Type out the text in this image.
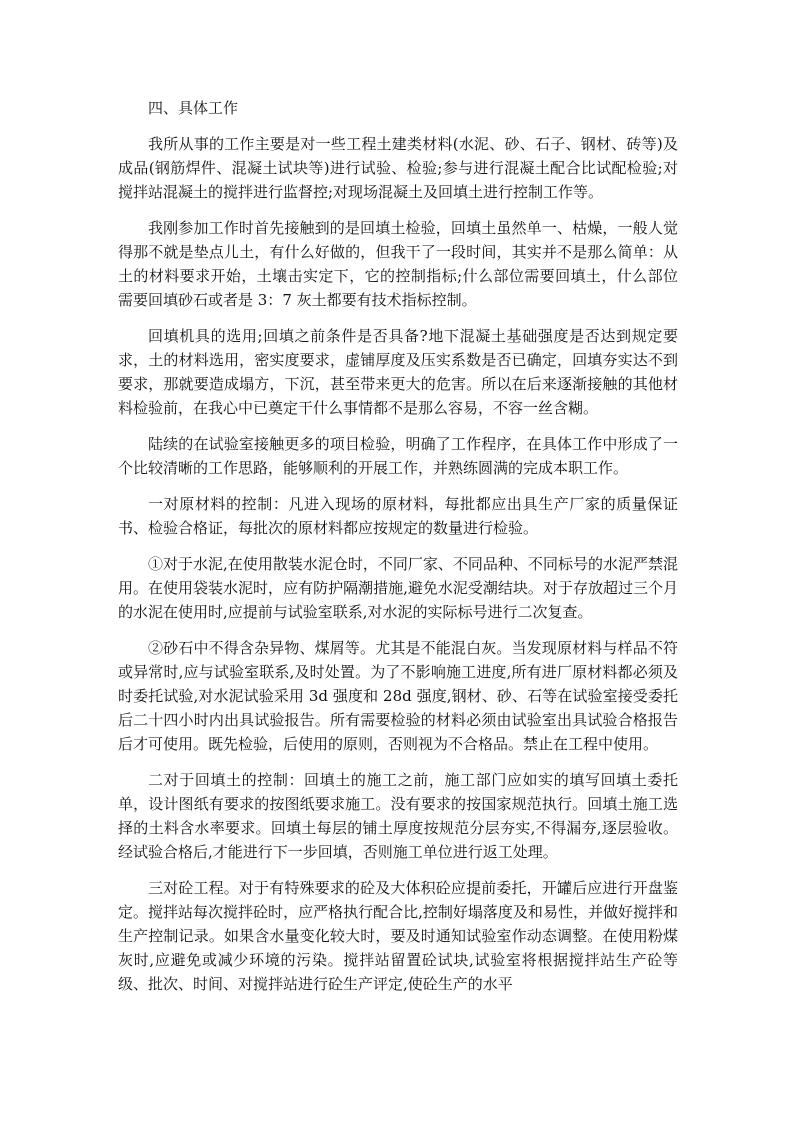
四、具体工作

我所从事的工作主要是对一些工程土建类材料(水泥、砂、石子、钢材、砖等)及成品(钢筋焊件、混凝土试块等)进行试验、检验;参与进行混凝土配合比试配检验;对搅拌站混凝土的搅拌进行监督控;对现场混凝土及回填土进行控制工作等。

我刚参加工作时首先接触到的是回填土检验，回填土虽然单一、枯燥，一般人觉得那不就是垫点儿土，有什么好做的，但我干了一段时间，其实并不是那么简单：从土的材料要求开始，土壤击实定下，它的控制指标;什么部位需要回填土，什么部位需要回填砂石或者是 3：7 灰土都要有技术指标控制。

回填机具的选用;回填之前条件是否具备?地下混凝土基础强度是否达到规定要求，土的材料选用，密实度要求，虚铺厚度及压实系数是否已确定，回填夯实达不到要求，那就要造成塌方，下沉，甚至带来更大的危害。所以在后来逐渐接触的其他材料检验前，在我心中已奠定干什么事情都不是那么容易，不容一丝含糊。

陆续的在试验室接触更多的项目检验，明确了工作程序，在具体工作中形成了一个比较清晰的工作思路，能够顺利的开展工作，并熟练圆满的完成本职工作。

一对原材料的控制：凡进入现场的原材料，每批都应出具生产厂家的质量保证书、检验合格证，每批次的原材料都应按规定的数量进行检验。

①对于水泥,在使用散装水泥仓时，不同厂家、不同品种、不同标号的水泥严禁混用。在使用袋装水泥时，应有防护隔潮措施,避免水泥受潮结块。对于存放超过三个月的水泥在使用时,应提前与试验室联系,对水泥的实际标号进行二次复查。

②砂石中不得含杂异物、煤屑等。尤其是不能混白灰。当发现原材料与样品不符或异常时,应与试验室联系,及时处置。为了不影响施工进度,所有进厂原材料都必须及时委托试验,对水泥试验采用 3d 强度和 28d 强度,钢材、砂、石等在试验室接受委托后二十四小时内出具试验报告。所有需要检验的材料必须由试验室出具试验合格报告后才可使用。既先检验，后使用的原则，否则视为不合格品。禁止在工程中使用。

二对于回填土的控制：回填土的施工之前，施工部门应如实的填写回填土委托单，设计图纸有要求的按图纸要求施工。没有要求的按国家规范执行。回填土施工选择的土料含水率要求。回填土每层的铺土厚度按规范分层夯实,不得漏夯,逐层验收。经试验合格后,才能进行下一步回填，否则施工单位进行返工处理。

三对砼工程。对于有特殊要求的砼及大体积砼应提前委托，开罐后应进行开盘鉴定。搅拌站每次搅拌砼时，应严格执行配合比,控制好塌落度及和易性，并做好搅拌和生产控制记录。如果含水量变化较大时，要及时通知试验室作动态调整。在使用粉煤灰时,应避免或减少环境的污染。搅拌站留置砼试块,试验室将根据搅拌站生产砼等级、批次、时间、对搅拌站进行砼生产评定,使砼生产的水平
